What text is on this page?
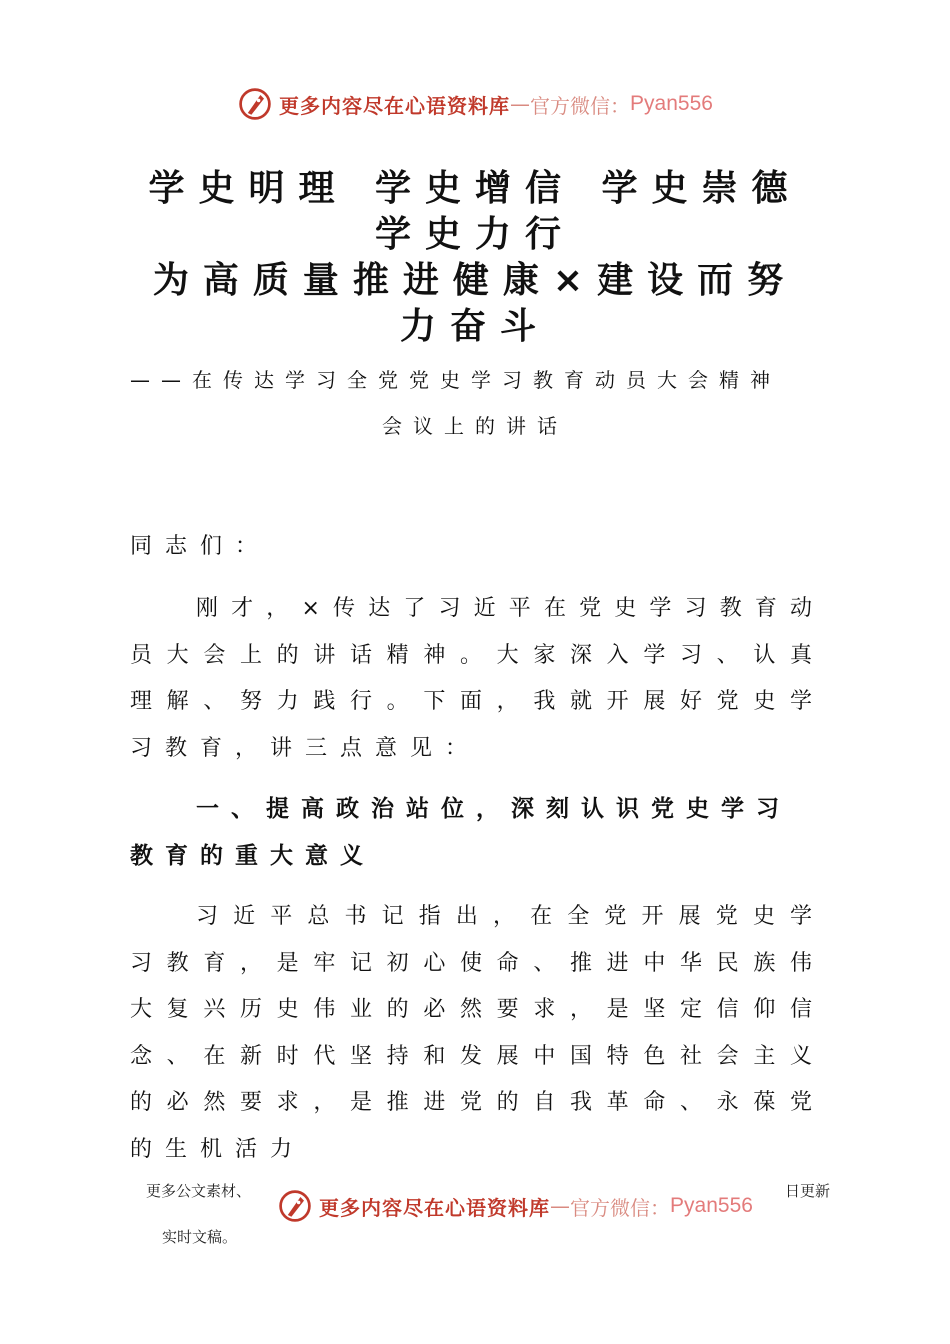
更多内容尽在心语资料库 — 官方微信： Pyan556
学史明理 学史增信 学史崇德
学史力行
为高质量推进健康×建设而努
力奋斗
——在传达学习全党党史学习教育动员大会精神
会议上的讲话
同志们：
刚才，×传达了习近平在党史学习教育动员大会上的讲话精神。大家深入学习、认真理解、努力践行。下面，我就开展好党史学习教育，讲三点意见：
一、提高政治站位，深刻认识党史学习教育的重大意义
习近平总书记指出，在全党开展党史学习教育，是牢记初心使命、推进中华民族伟大复兴历史伟业的必然要求，是坚定信仰信念、在新时代坚持和发展中国特色社会主义的必然要求，是推进党的自我革命、永葆党的生机活力
更多公文素材、	日更新
实时文稿。
更多内容尽在心语资料库 — 官方微信： Pyan556
